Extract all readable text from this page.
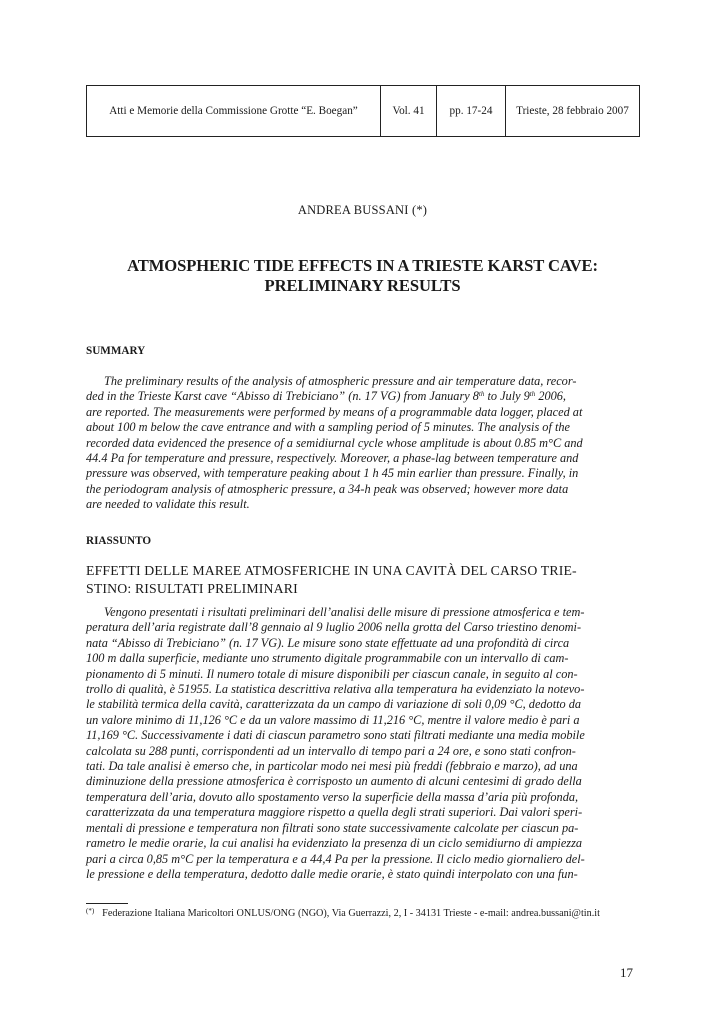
Atti e Memorie della Commissione Grotte “E. Boegan”	Vol. 41	pp. 17-24	Trieste, 28 febbraio 2007
ANDREA BUSSANI (*)
ATMOSPHERIC TIDE EFFECTS IN A TRIESTE KARST CAVE:
PRELIMINARY RESULTS
SUMMARY
The preliminary results of the analysis of atmospheric pressure and air temperature data, recor-
ded in the Trieste Karst cave “Abisso di Trebiciano” (n. 17 VG) from January 8th to July 9th 2006,
are reported. The measurements were performed by means of a programmable data logger, placed at
about 100 m below the cave entrance and with a sampling period of 5 minutes. The analysis of the
recorded data evidenced the presence of a semidiurnal cycle whose amplitude is about 0.85 m°C and
44.4 Pa for temperature and pressure, respectively. Moreover, a phase-lag between temperature and
pressure was observed, with temperature peaking about 1 h 45 min earlier than pressure. Finally, in
the periodogram analysis of atmospheric pressure, a 34-h peak was observed; however more data
are needed to validate this result.
RIASSUNTO
EFFETTI DELLE MAREE ATMOSFERICHE IN UNA CAVITÀ DEL CARSO TRIE-
STINO: RISULTATI PRELIMINARI
Vengono presentati i risultati preliminari dell’analisi delle misure di pressione atmosferica e tem-
peratura dell’aria registrate dall’8 gennaio al 9 luglio 2006 nella grotta del Carso triestino denomi-
nata “Abisso di Trebiciano” (n. 17 VG). Le misure sono state effettuate ad una profondità di circa
100 m dalla superficie, mediante uno strumento digitale programmabile con un intervallo di cam-
pionamento di 5 minuti. Il numero totale di misure disponibili per ciascun canale, in seguito al con-
trollo di qualità, è 51955. La statistica descrittiva relativa alla temperatura ha evidenziato la notevo-
le stabilità termica della cavità, caratterizzata da un campo di variazione di soli 0,09 °C, dedotto da
un valore minimo di 11,126 °C e da un valore massimo di 11,216 °C, mentre il valore medio è pari a
11,169 °C. Successivamente i dati di ciascun parametro sono stati filtrati mediante una media mobile
calcolata su 288 punti, corrispondenti ad un intervallo di tempo pari a 24 ore, e sono stati confron-
tati. Da tale analisi è emerso che, in particolar modo nei mesi più freddi (febbraio e marzo), ad una
diminuzione della pressione atmosferica è corrisposto un aumento di alcuni centesimi di grado della
temperatura dell’aria, dovuto allo spostamento verso la superficie della massa d’aria più profonda,
caratterizzata da una temperatura maggiore rispetto a quella degli strati superiori. Dai valori speri-
mentali di pressione e temperatura non filtrati sono state successivamente calcolate per ciascun pa-
rametro le medie orarie, la cui analisi ha evidenziato la presenza di un ciclo semidiurno di ampiezza
pari a circa 0,85 m°C per la temperatura e a 44,4 Pa per la pressione. Il ciclo medio giornaliero del-
le pressione e della temperatura, dedotto dalle medie orarie, è stato quindi interpolato con una fun-
(*) Federazione Italiana Maricoltori ONLUS/ONG (NGO), Via Guerrazzi, 2, I - 34131 Trieste - e-mail: andrea.bussani@tin.it
17
